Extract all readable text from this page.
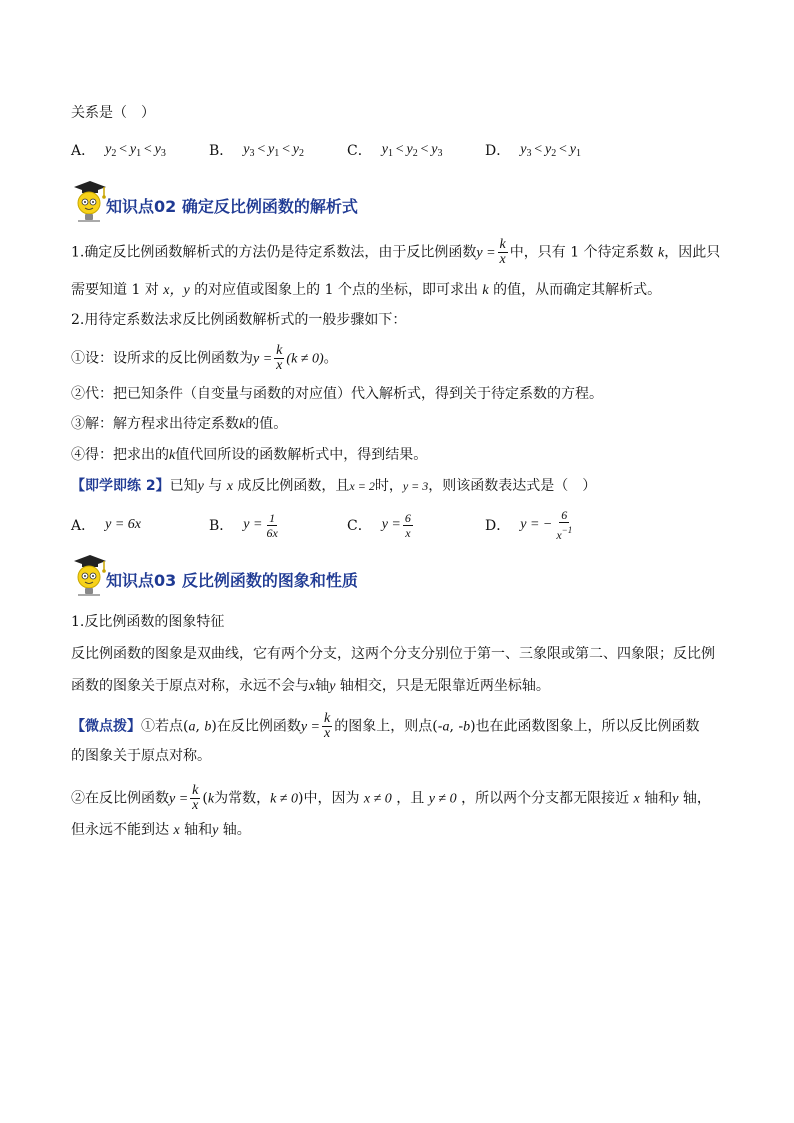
关系是（　）
A． $y_2 < y_1 < y_3$	B． $y_3 < y_1 < y_2$	C． $y_1 < y_2 < y_3$	D． $y_3 < y_2 < y_1$
知识点02 确定反比例函数的解析式
1.确定反比例函数解析式的方法仍是待定系数法，由于反比例函数$y = \frac{k}{x}$ 中，只有 1 个待定系数 k，因此只
需要知道 1 对 x，y 的对应值或图象上的 1 个点的坐标，即可求出 k 的值，从而确定其解析式。
2.用待定系数法求反比例函数解析式的一般步骤如下：
①设：设所求的反比例函数为$y = \frac{k}{x} (k \ne 0)$。
②代：把已知条件（自变量与函数的对应值）代入解析式，得到关于待定系数的方程。
③解：解方程求出待定系数k的值。
④得：把求出的k值代回所设的函数解析式中，得到结果。
【即学即练 2】已知y 与 x 成反比例函数，且x = 2时，y = 3，则该函数表达式是（　）
A． y = 6x	B． $y = \frac{1}{6x}$	C． $y = \frac{6}{x}$	D． y = − $\frac{6}{x^{-1}}$
知识点03 反比例函数的图象和性质
1.反比例函数的图象特征
反比例函数的图象是双曲线，它有两个分支，这两个分支分别位于第一、三象限或第二、四象限；反比例
函数的图象关于原点对称，永远不会与x轴y 轴相交，只是无限靠近两坐标轴。
【微点拨】①若点(a, b)在反比例函数$y = \frac{k}{x}$ 的图象上，则点(-a, -b)也在此函数图象上，所以反比例函数
的图象关于原点对称。
②在反比例函数$y = \frac{k}{x} (k$为常数，k ≠ 0)中，因为 x ≠ 0 ，且 y ≠ 0 ，所以两个分支都无限接近 x 轴和y 轴，
但永远不能到达 x 轴和y 轴。
